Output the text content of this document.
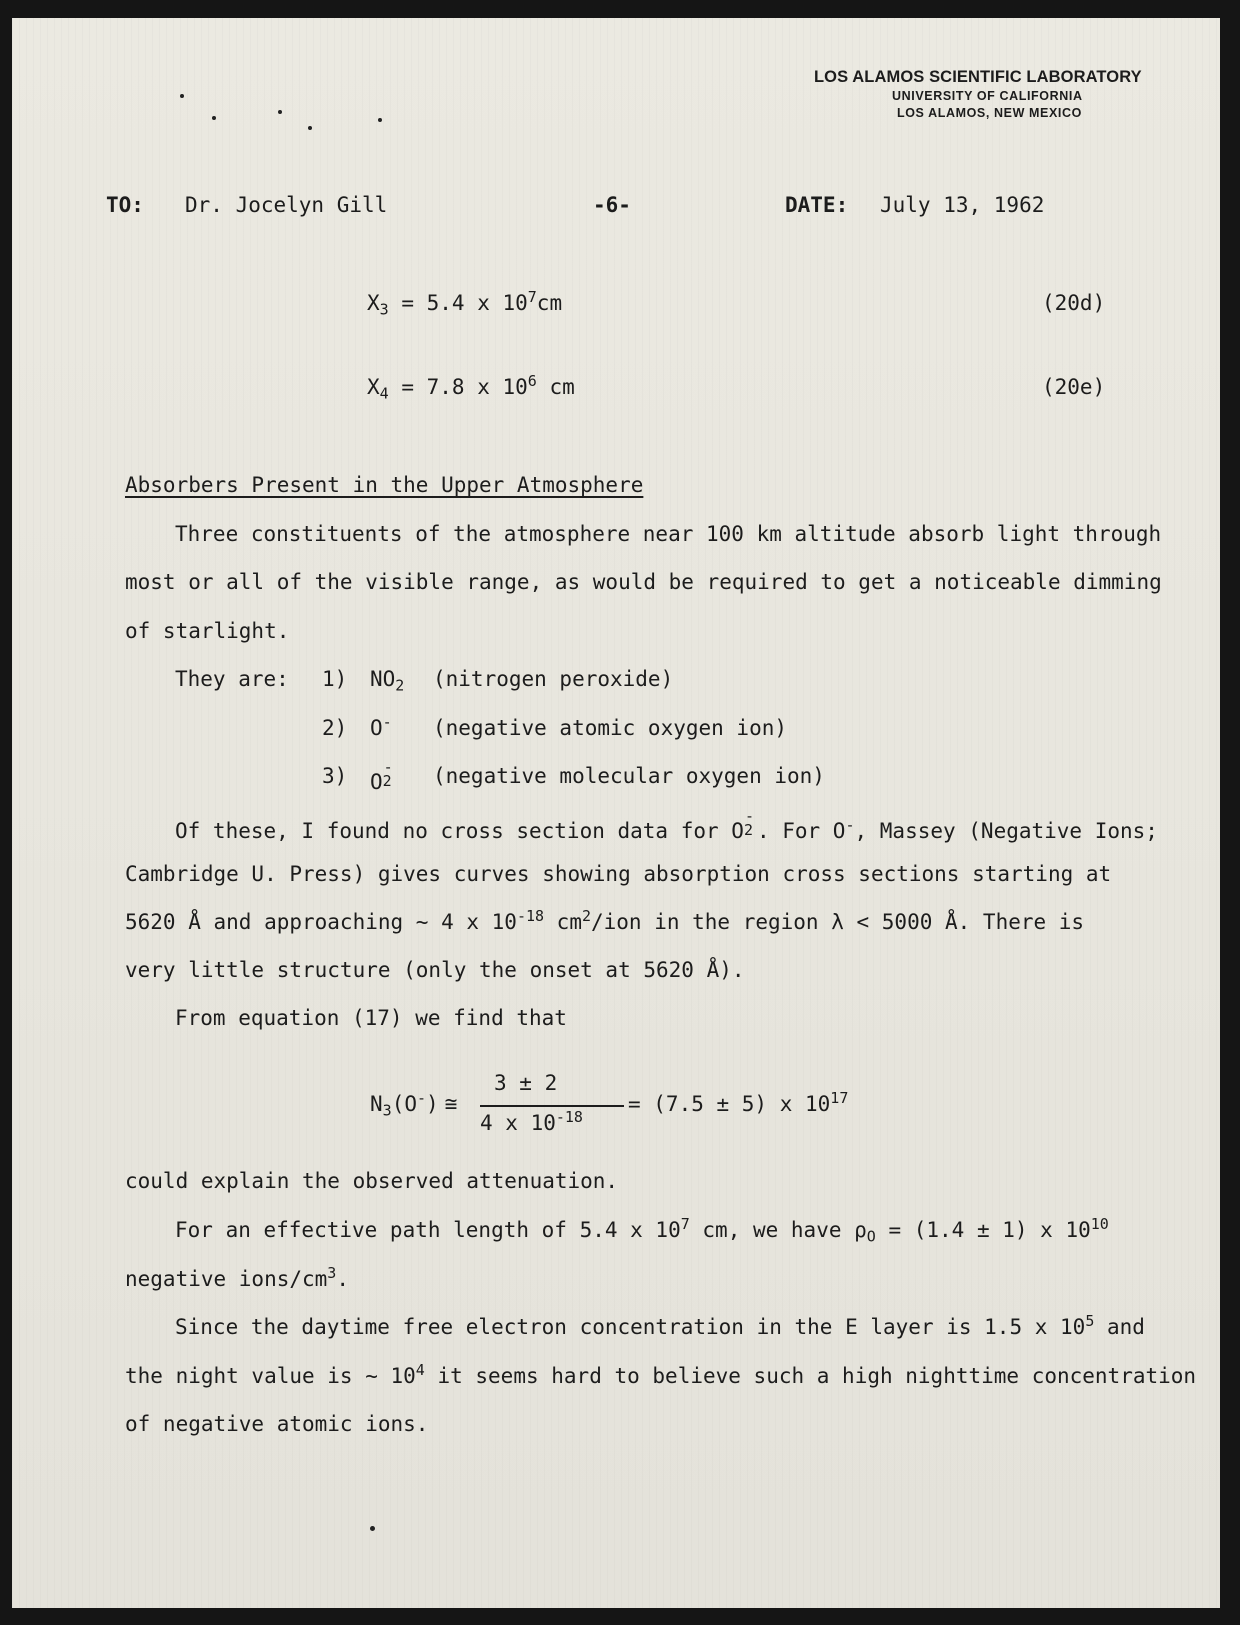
LOS ALAMOS SCIENTIFIC LABORATORY
UNIVERSITY OF CALIFORNIA
LOS ALAMOS, NEW MEXICO
TO: Dr. Jocelyn Gill	-6-	DATE: July 13, 1962
$X_3 = 5.4$ x $10^7cm$	(20d)
$X_4 = 7.8$ x $10^6$ cm	(20e)
Absorbers Present in the Upper Atmosphere
Three constituents of the atmosphere near 100 km altitude absorb light through
most or all of the visible range, as would be required to get a noticeable dimming
of starlight.
They are: 1) $NO_2$ (nitrogen peroxide)
2) O- (negative atomic oxygen ion)
3) O
-
2 (negative molecular oxygen ion)
Of these, I found no cross section data for O
-
2 . For O-, Massey (Negative Ions;
Cambridge U. Press) gives curves showing absorption cross sections starting at
5620 Å and approaching ~ 4 x $10^{-18}$ $cm^2$/ion in the region λ < 5000 Å. There is
very little structure (only the onset at 5620 Å).
From equation (17) we find that
$N_3(O^-)$ ≅
3 ± 2
4 x $10^{-18}$
= (7.5 ± 5) x $10^{17}$
could explain the observed attenuation.
For an effective path length of 5.4 x $10^7$ cm, we have $\rho_O = (1.4 \pm 1)$ x $10^{10}$
negative ions/$cm^3$.
Since the daytime free electron concentration in the E layer is 1.5 x $10^5$ and
the night value is ~ $10^4$ it seems hard to believe such a high nighttime concentration
of negative atomic ions.
